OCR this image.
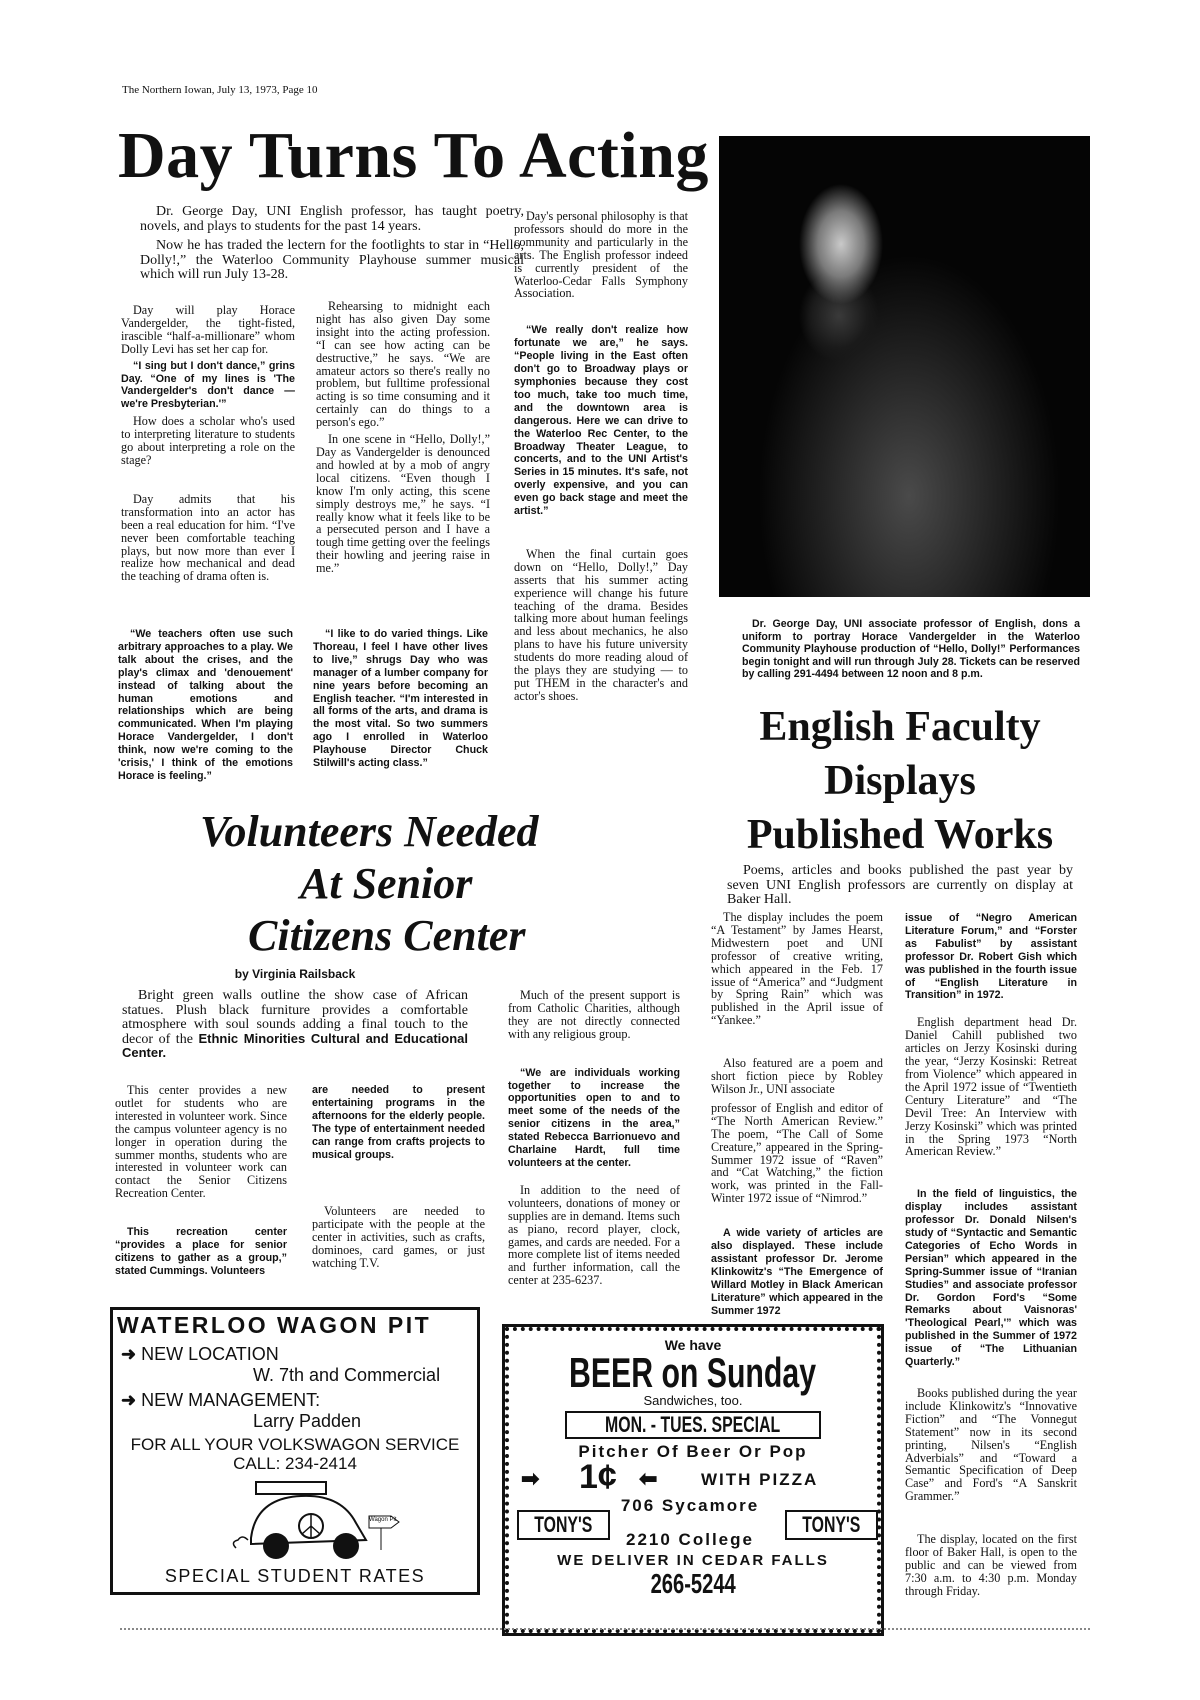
The Northern Iowan, July 13, 1973, Page 10
Day Turns To Acting

Dr. George Day, UNI English professor, has taught poetry, novels, and plays to students for the past 14 years.

Now he has traded the lectern for the footlights to star in “Hello, Dolly!,” the Waterloo Community Playhouse summer musical which will run July 13-28.

Day will play Horace Vandergelder, the tight-fisted, irascible “half-a-millionare” whom Dolly Levi has set her cap for.

“I sing but I don't dance,” grins Day. “One of my lines is 'The Vandergelder's don't dance — we're Presbyterian.'”

How does a scholar who's used to interpreting literature to students go about interpreting a role on the stage?

Day admits that his transformation into an actor has been a real education for him. “I've never been comfortable teaching plays, but now more than ever I realize how mechanical and dead the teaching of drama often is.

Rehearsing to midnight each night has also given Day some insight into the acting profession. “I can see how acting can be destructive,” he says. “We are amateur actors so there's really no problem, but fulltime professional acting is so time consuming and it certainly can do things to a person's ego.”

In one scene in “Hello, Dolly!,” Day as Vandergelder is denounced and howled at by a mob of angry local citizens. “Even though I know I'm only acting, this scene simply destroys me,” he says. “I really know what it feels like to be a persecuted person and I have a tough time getting over the feelings their howling and jeering raise in me.”

Day's personal philosophy is that professors should do more in the community and particularly in the arts. The English professor indeed is currently president of the Waterloo-Cedar Falls Symphony Association.

“We really don't realize how fortunate we are,” he says. “People living in the East often don't go to Broadway plays or symphonies because they cost too much, take too much time, and the downtown area is dangerous. Here we can drive to the Waterloo Rec Center, to the Broadway Theater League, to concerts, and to the UNI Artist's Series in 15 minutes. It's safe, not overly expensive, and you can even go back stage and meet the artist.”

When the final curtain goes down on “Hello, Dolly!,” Day asserts that his summer acting experience will change his future teaching of the drama. Besides talking more about human feelings and less about mechanics, he also plans to have his future university students do more reading aloud of the plays they are studying — to put THEM in the character's and actor's shoes.

“We teachers often use such arbitrary approaches to a play. We talk about the crises, and the play's climax and 'denouement' instead of talking about the human emotions and relationships which are being communicated. When I'm playing Horace Vandergelder, I don't think, now we're coming to the 'crisis,' I think of the emotions Horace is feeling.”

“I like to do varied things. Like Thoreau, I feel I have other lives to live,” shrugs Day who was manager of a lumber company for nine years before becoming an English teacher. “I'm interested in all forms of the arts, and drama is the most vital. So two summers ago I enrolled in Waterloo Playhouse Director Chuck Stilwill's acting class.”

Dr. George Day, UNI associate professor of English, dons a uniform to portray Horace Vandergelder in the Waterloo Community Playhouse production of “Hello, Dolly!” Performances begin tonight and will run through July 28. Tickets can be reserved by calling 291-4494 between 12 noon and 8 p.m.

English Faculty
Displays
Published Works

Poems, articles and books published the past year by seven UNI English professors are currently on display at Baker Hall.

The display includes the poem “A Testament” by James Hearst, Midwestern poet and UNI professor of creative writing, which appeared in the Feb. 17 issue of “America” and “Judgment by Spring Rain” which was published in the April issue of “Yankee.”

Also featured are a poem and short fiction piece by Robley Wilson Jr., UNI associate

professor of English and editor of “The North American Review.” The poem, “The Call of Some Creature,” appeared in the Spring-Summer 1972 issue of “Raven” and “Cat Watching,” the fiction work, was printed in the Fall-Winter 1972 issue of “Nimrod.”

A wide variety of articles are also displayed. These include assistant professor Dr. Jerome Klinkowitz's “The Emergence of Willard Motley in Black American Literature” which appeared in the Summer 1972

issue of “Negro American Literature Forum,” and “Forster as Fabulist” by assistant professor Dr. Robert Gish which was published in the fourth issue of “English Literature in Transition” in 1972.

English department head Dr. Daniel Cahill published two articles on Jerzy Kosinski during the year, “Jerzy Kosinski: Retreat from Violence” which appeared in the April 1972 issue of “Twentieth Century Literature” and “The Devil Tree: An Interview with Jerzy Kosinski” which was printed in the Spring 1973 “North American Review.”

In the field of linguistics, the display includes assistant professor Dr. Donald Nilsen's study of “Syntactic and Semantic Categories of Echo Words in Persian” which appeared in the Spring-Summer issue of “Iranian Studies” and associate professor Dr. Gordon Ford's “Some Remarks about Vaisnoras' 'Theological Pearl,'” which was published in the Summer of 1972 issue of “The Lithuanian Quarterly.”

Books published during the year include Klinkowitz's “Innovative Fiction” and “The Vonnegut Statement” now in its second printing, Nilsen's “English Adverbials” and “Toward a Semantic Specification of Deep Case” and Ford's “A Sanskrit Grammer.”

The display, located on the first floor of Baker Hall, is open to the public and can be viewed from 7:30 a.m. to 4:30 p.m. Monday through Friday.

Volunteers Needed
At Senior
Citizens Center
by Virginia Railsback

Bright green walls outline the show case of African statues. Plush black furniture provides a comfortable atmosphere with soul sounds adding a final touch to the decor of the Ethnic Minorities Cultural and Educational Center.

This center provides a new outlet for students who are interested in volunteer work. Since the campus volunteer agency is no longer in operation during the summer months, students who are interested in volunteer work can contact the Senior Citizens Recreation Center.

This recreation center “provides a place for senior citizens to gather as a group,” stated Cummings. Volunteers

are needed to present entertaining programs in the afternoons for the elderly people. The type of entertainment needed can range from crafts projects to musical groups.

Volunteers are needed to participate with the people at the center in activities, such as crafts, dominoes, card games, or just watching T.V.

Much of the present support is from Catholic Charities, although they are not directly connected with any religious group.

“We are individuals working together to increase the opportunities open to and to meet some of the needs of the senior citizens in the area,” stated Rebecca Barrionuevo and Charlaine Hardt, full time volunteers at the center.

In addition to the need of volunteers, donations of money or supplies are in demand. Items such as piano, record player, clock, games, and cards are needed. For a more complete list of items needed and further information, call the center at 235-6237.

WATERLOO WAGON PIT
➜ NEW LOCATION
W. 7th and Commercial
➜ NEW MANAGEMENT:
Larry Padden
FOR ALL YOUR VOLKSWAGON SERVICE
CALL: 234-2414
Wagon Pit
SPECIAL STUDENT RATES
We have
BEER on Sunday
Sandwiches, too.
MON. - TUES. SPECIAL
Pitcher Of Beer Or Pop
➡ 1¢ ⬅	WITH PIZZA
TONY'S
706 Sycamore
TONY'S
2210 College
WE DELIVER IN CEDAR FALLS
266-5244
